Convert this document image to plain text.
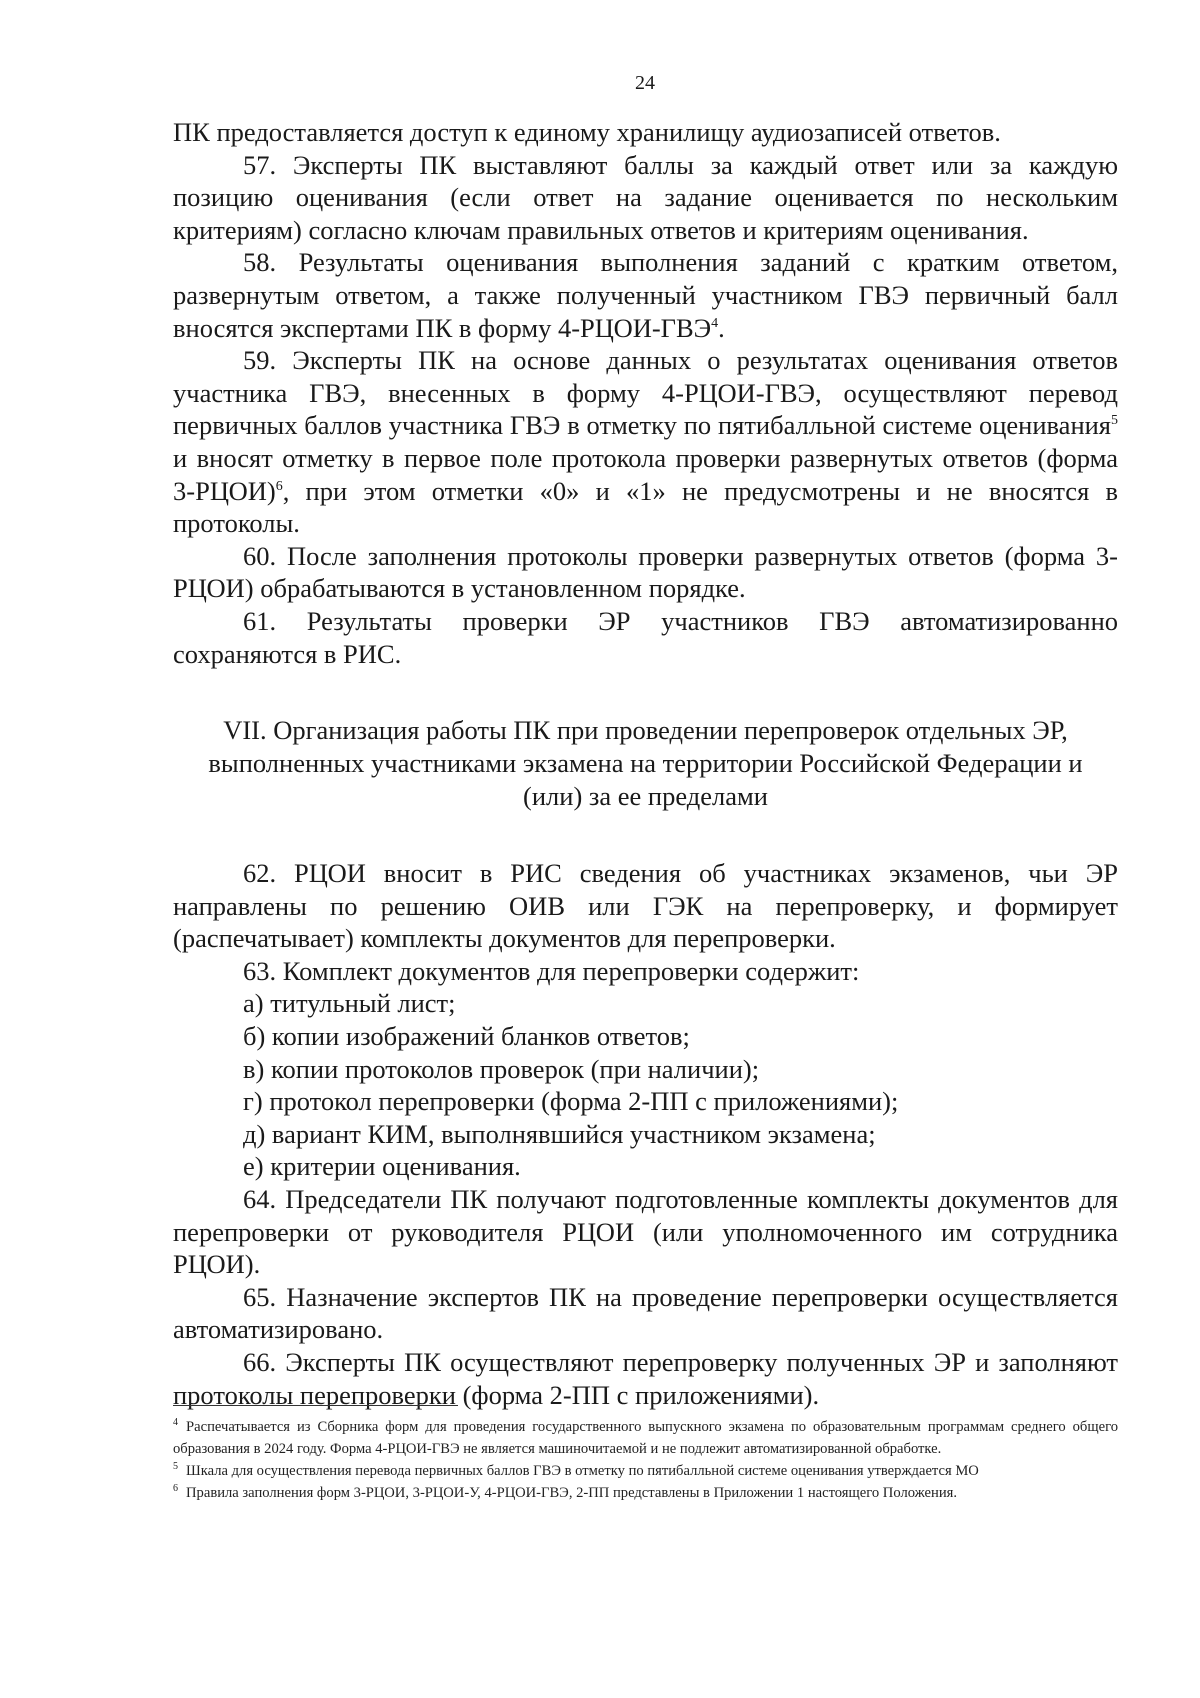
24

ПК предоставляется доступ к единому хранилищу аудиозаписей ответов.

57. Эксперты ПК выставляют баллы за каждый ответ или за каждую позицию оценивания (если ответ на задание оценивается по нескольким критериям) согласно ключам правильных ответов и критериям оценивания.

58. Результаты оценивания выполнения заданий с кратким ответом, развернутым ответом, а также полученный участником ГВЭ первичный балл вносятся экспертами ПК в форму 4-РЦОИ-ГВЭ$^4$.

59. Эксперты ПК на основе данных о результатах оценивания ответов участника ГВЭ, внесенных в форму 4-РЦОИ-ГВЭ, осуществляют перевод первичных баллов участника ГВЭ в отметку по пятибалльной системе оценивания$^5$ и вносят отметку в первое поле протокола проверки развернутых ответов (форма 3-РЦОИ)$^6$, при этом отметки «0» и «1» не предусмотрены и не вносятся в протоколы.

60. После заполнения протоколы проверки развернутых ответов (форма 3-РЦОИ) обрабатываются в установленном порядке.

61. Результаты проверки ЭР участников ГВЭ автоматизированно сохраняются в РИС.

VII. Организация работы ПК при проведении перепроверок отдельных ЭР, выполненных участниками экзамена на территории Российской Федерации и (или) за ее пределами

62. РЦОИ вносит в РИС сведения об участниках экзаменов, чьи ЭР направлены по решению ОИВ или ГЭК на перепроверку, и формирует (распечатывает) комплекты документов для перепроверки.

63. Комплект документов для перепроверки содержит:

а) титульный лист;

б) копии изображений бланков ответов;

в) копии протоколов проверок (при наличии);

г) протокол перепроверки (форма 2-ПП с приложениями);

д) вариант КИМ, выполнявшийся участником экзамена;

е) критерии оценивания.

64. Председатели ПК получают подготовленные комплекты документов для перепроверки от руководителя РЦОИ (или уполномоченного им сотрудника РЦОИ).

65. Назначение экспертов ПК на проведение перепроверки осуществляется автоматизировано.

66. Эксперты ПК осуществляют перепроверку полученных ЭР и заполняют протоколы перепроверки (форма 2-ПП с приложениями).

$^4$ Распечатывается из Сборника форм для проведения государственного выпускного экзамена по образовательным программам среднего общего образования в 2024 году. Форма 4-РЦОИ-ГВЭ не является машиночитаемой и не подлежит автоматизированной обработке.

$^5$ Шкала для осуществления перевода первичных баллов ГВЭ в отметку по пятибалльной системе оценивания утверждается МО

$^6$ Правила заполнения форм 3-РЦОИ, 3-РЦОИ-У, 4-РЦОИ-ГВЭ, 2-ПП представлены в Приложении 1 настоящего Положения.
